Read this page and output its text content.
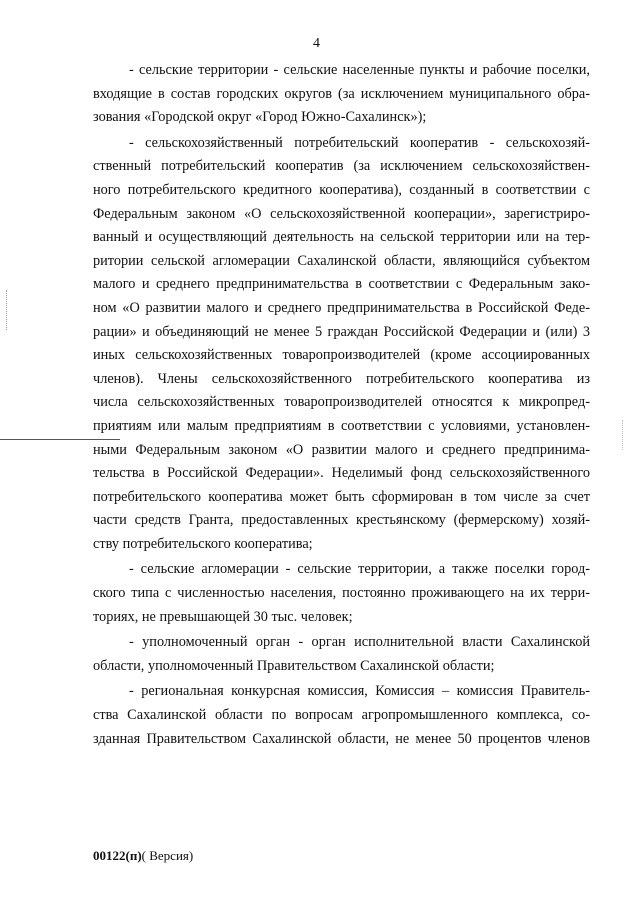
4
- сельские территории - сельские населенные пункты и рабочие поселки,
входящие в состав городских округов (за исключением муниципального обра-
зования «Городской округ «Город Южно-Сахалинск»);
- сельскохозяйственный потребительский кооператив - сельскохозяй-
ственный потребительский кооператив (за исключением сельскохозяйствен-
ного потребительского кредитного кооператива), созданный в соответствии с
Федеральным законом «О сельскохозяйственной кооперации», зарегистриро-
ванный и осуществляющий деятельность на сельской территории или на тер-
ритории сельской агломерации Сахалинской области, являющийся субъектом
малого и среднего предпринимательства в соответствии с Федеральным зако-
ном «О развитии малого и среднего предпринимательства в Российской Феде-
рации» и объединяющий не менее 5 граждан Российской Федерации и (или) 3
иных сельскохозяйственных товаропроизводителей (кроме ассоциированных
членов). Члены сельскохозяйственного потребительского кооператива из
числа сельскохозяйственных товаропроизводителей относятся к микропред-
приятиям или малым предприятиям в соответствии с условиями, установлен-
ными Федеральным законом «О развитии малого и среднего предпринима-
тельства в Российской Федерации». Неделимый фонд сельскохозяйственного
потребительского кооператива может быть сформирован в том числе за счет
части средств Гранта, предоставленных крестьянскому (фермерскому) хозяй-
ству потребительского кооператива;
- сельские агломерации - сельские территории, а также поселки город-
ского типа с численностью населения, постоянно проживающего на их терри-
ториях, не превышающей 30 тыс. человек;
- уполномоченный орган - орган исполнительной власти Сахалинской
области, уполномоченный Правительством Сахалинской области;
- региональная конкурсная комиссия, Комиссия – комиссия Правитель-
ства Сахалинской области по вопросам агропромышленного комплекса, со-
зданная Правительством Сахалинской области, не менее 50 процентов членов
00122(п)( Версия)
